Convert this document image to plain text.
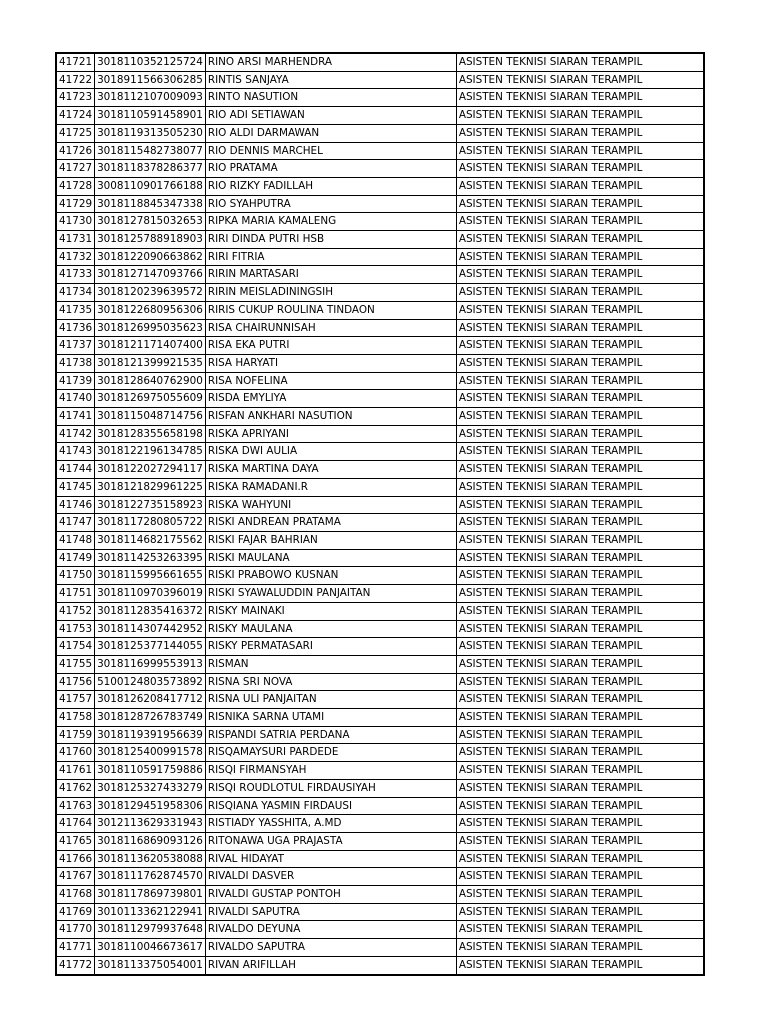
41721	3018110352125724	RINO ARSI MARHENDRA	ASISTEN TEKNISI SIARAN TERAMPIL
41722	3018911566306285	RINTIS SANJAYA	ASISTEN TEKNISI SIARAN TERAMPIL
41723	3018112107009093	RINTO NASUTION	ASISTEN TEKNISI SIARAN TERAMPIL
41724	3018110591458901	RIO ADI SETIAWAN	ASISTEN TEKNISI SIARAN TERAMPIL
41725	3018119313505230	RIO ALDI DARMAWAN	ASISTEN TEKNISI SIARAN TERAMPIL
41726	3018115482738077	RIO DENNIS MARCHEL	ASISTEN TEKNISI SIARAN TERAMPIL
41727	3018118378286377	RIO PRATAMA	ASISTEN TEKNISI SIARAN TERAMPIL
41728	3008110901766188	RIO RIZKY FADILLAH	ASISTEN TEKNISI SIARAN TERAMPIL
41729	3018118845347338	RIO SYAHPUTRA	ASISTEN TEKNISI SIARAN TERAMPIL
41730	3018127815032653	RIPKA MARIA KAMALENG	ASISTEN TEKNISI SIARAN TERAMPIL
41731	3018125788918903	RIRI DINDA PUTRI HSB	ASISTEN TEKNISI SIARAN TERAMPIL
41732	3018122090663862	RIRI FITRIA	ASISTEN TEKNISI SIARAN TERAMPIL
41733	3018127147093766	RIRIN MARTASARI	ASISTEN TEKNISI SIARAN TERAMPIL
41734	3018120239639572	RIRIN MEISLADININGSIH	ASISTEN TEKNISI SIARAN TERAMPIL
41735	3018122680956306	RIRIS CUKUP ROULINA TINDAON	ASISTEN TEKNISI SIARAN TERAMPIL
41736	3018126995035623	RISA CHAIRUNNISAH	ASISTEN TEKNISI SIARAN TERAMPIL
41737	3018121171407400	RISA EKA PUTRI	ASISTEN TEKNISI SIARAN TERAMPIL
41738	3018121399921535	RISA HARYATI	ASISTEN TEKNISI SIARAN TERAMPIL
41739	3018128640762900	RISA NOFELINA	ASISTEN TEKNISI SIARAN TERAMPIL
41740	3018126975055609	RISDA EMYLIYA	ASISTEN TEKNISI SIARAN TERAMPIL
41741	3018115048714756	RISFAN ANKHARI NASUTION	ASISTEN TEKNISI SIARAN TERAMPIL
41742	3018128355658198	RISKA APRIYANI	ASISTEN TEKNISI SIARAN TERAMPIL
41743	3018122196134785	RISKA DWI AULIA	ASISTEN TEKNISI SIARAN TERAMPIL
41744	3018122027294117	RISKA MARTINA DAYA	ASISTEN TEKNISI SIARAN TERAMPIL
41745	3018121829961225	RISKA RAMADANI.R	ASISTEN TEKNISI SIARAN TERAMPIL
41746	3018122735158923	RISKA WAHYUNI	ASISTEN TEKNISI SIARAN TERAMPIL
41747	3018117280805722	RISKI ANDREAN PRATAMA	ASISTEN TEKNISI SIARAN TERAMPIL
41748	3018114682175562	RISKI FAJAR BAHRIAN	ASISTEN TEKNISI SIARAN TERAMPIL
41749	3018114253263395	RISKI MAULANA	ASISTEN TEKNISI SIARAN TERAMPIL
41750	3018115995661655	RISKI PRABOWO KUSNAN	ASISTEN TEKNISI SIARAN TERAMPIL
41751	3018110970396019	RISKI SYAWALUDDIN PANJAITAN	ASISTEN TEKNISI SIARAN TERAMPIL
41752	3018112835416372	RISKY MAINAKI	ASISTEN TEKNISI SIARAN TERAMPIL
41753	3018114307442952	RISKY MAULANA	ASISTEN TEKNISI SIARAN TERAMPIL
41754	3018125377144055	RISKY PERMATASARI	ASISTEN TEKNISI SIARAN TERAMPIL
41755	3018116999553913	RISMAN	ASISTEN TEKNISI SIARAN TERAMPIL
41756	5100124803573892	RISNA SRI NOVA	ASISTEN TEKNISI SIARAN TERAMPIL
41757	3018126208417712	RISNA ULI PANJAITAN	ASISTEN TEKNISI SIARAN TERAMPIL
41758	3018128726783749	RISNIKA SARNA UTAMI	ASISTEN TEKNISI SIARAN TERAMPIL
41759	3018119391956639	RISPANDI SATRIA PERDANA	ASISTEN TEKNISI SIARAN TERAMPIL
41760	3018125400991578	RISQAMAYSURI PARDEDE	ASISTEN TEKNISI SIARAN TERAMPIL
41761	3018110591759886	RISQI FIRMANSYAH	ASISTEN TEKNISI SIARAN TERAMPIL
41762	3018125327433279	RISQI ROUDLOTUL FIRDAUSIYAH	ASISTEN TEKNISI SIARAN TERAMPIL
41763	3018129451958306	RISQIANA YASMIN FIRDAUSI	ASISTEN TEKNISI SIARAN TERAMPIL
41764	3012113629331943	RISTIADY YASSHITA, A.MD	ASISTEN TEKNISI SIARAN TERAMPIL
41765	3018116869093126	RITONAWA UGA PRAJASTA	ASISTEN TEKNISI SIARAN TERAMPIL
41766	3018113620538088	RIVAL HIDAYAT	ASISTEN TEKNISI SIARAN TERAMPIL
41767	3018111762874570	RIVALDI DASVER	ASISTEN TEKNISI SIARAN TERAMPIL
41768	3018117869739801	RIVALDI GUSTAP PONTOH	ASISTEN TEKNISI SIARAN TERAMPIL
41769	3010113362122941	RIVALDI SAPUTRA	ASISTEN TEKNISI SIARAN TERAMPIL
41770	3018112979937648	RIVALDO DEYUNA	ASISTEN TEKNISI SIARAN TERAMPIL
41771	3018110046673617	RIVALDO SAPUTRA	ASISTEN TEKNISI SIARAN TERAMPIL
41772	3018113375054001	RIVAN ARIFILLAH	ASISTEN TEKNISI SIARAN TERAMPIL
